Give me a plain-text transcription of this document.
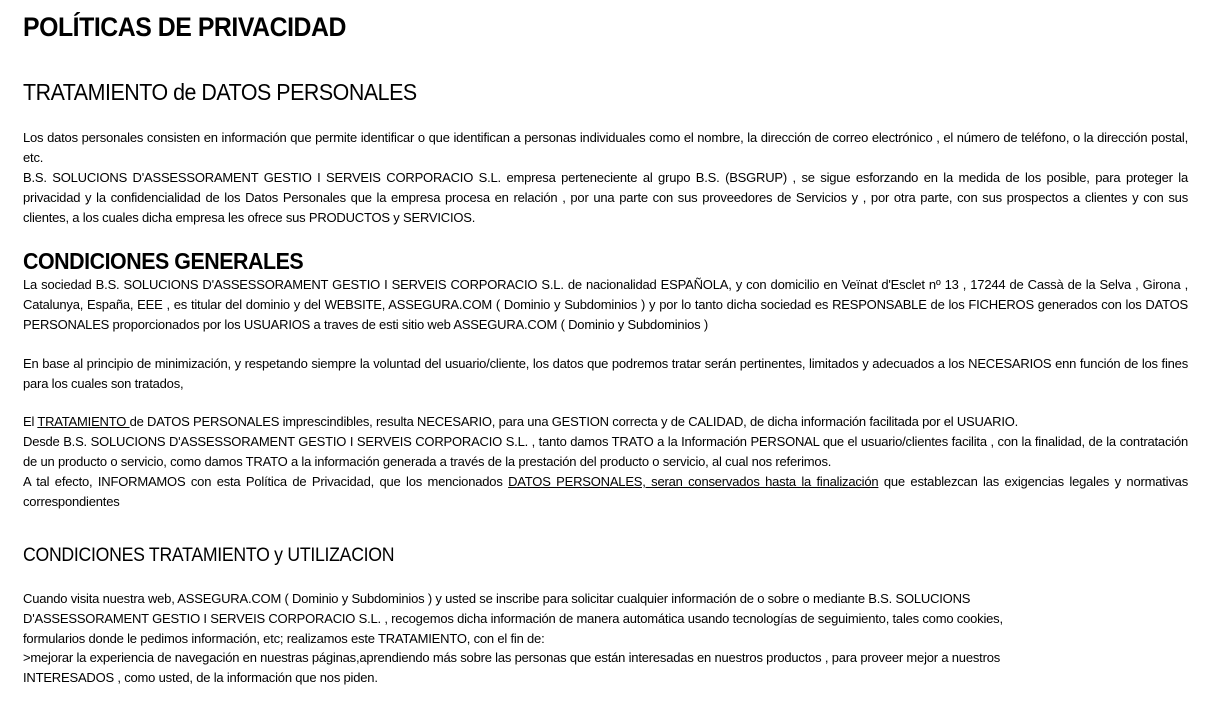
POLÍTICAS DE PRIVACIDAD
TRATAMIENTO de DATOS PERSONALES

Los datos personales consisten en información que permite identificar o que identifican a personas individuales como el nombre, la dirección de correo electrónico , el número de teléfono, o la dirección postal, etc.

B.S. SOLUCIONS D'ASSESSORAMENT GESTIO I SERVEIS CORPORACIO S.L. empresa perteneciente al grupo B.S. (BSGRUP) , se sigue esforzando en la medida de los posible, para proteger la privacidad y la confidencialidad de los Datos Personales que la empresa procesa en relación , por una parte con sus proveedores de Servicios y , por otra parte, con sus prospectos a clientes y con sus clientes, a los cuales dicha empresa les ofrece sus PRODUCTOS y SERVICIOS.

CONDICIONES GENERALES

La sociedad B.S. SOLUCIONS D'ASSESSORAMENT GESTIO I SERVEIS CORPORACIO S.L. de nacionalidad ESPAÑOLA, y con domicilio en Veïnat d'Esclet nº 13 , 17244 de Cassà de la Selva , Girona , Catalunya, España, EEE , es titular del dominio y del WEBSITE, ASSEGURA.COM ( Dominio y Subdominios ) y por lo tanto dicha sociedad es RESPONSABLE de los FICHEROS generados con los DATOS PERSONALES proporcionados por los USUARIOS a traves de esti sitio web ASSEGURA.COM ( Dominio y Subdominios )

En base al principio de minimización, y respetando siempre la voluntad del usuario/cliente, los datos que podremos tratar serán pertinentes, limitados y adecuados a los NECESARIOS enn función de los fines para los cuales son tratados,

El TRATAMIENTO de DATOS PERSONALES imprescindibles, resulta NECESARIO, para una GESTION correcta y de CALIDAD, de dicha información facilitada por el USUARIO.

Desde B.S. SOLUCIONS D'ASSESSORAMENT GESTIO I SERVEIS CORPORACIO S.L. , tanto damos TRATO a la Información PERSONAL que el usuario/clientes facilita , con la finalidad, de la contratación de un producto o servicio, como damos TRATO a la información generada a través de la prestación del producto o servicio, al cual nos referimos.

A tal efecto, INFORMAMOS con esta Política de Privacidad, que los mencionados DATOS PERSONALES, seran conservados hasta la finalización que establezcan las exigencias legales y normativas correspondientes

CONDICIONES TRATAMIENTO y UTILIZACION

Cuando visita nuestra web, ASSEGURA.COM ( Dominio y Subdominios ) y usted se inscribe para solicitar cualquier información de o sobre o mediante B.S. SOLUCIONS
D'ASSESSORAMENT GESTIO I SERVEIS CORPORACIO S.L. , recogemos dicha información de manera automática usando tecnologías de seguimiento, tales como cookies,
formularios donde le pedimos información, etc; realizamos este TRATAMIENTO, con el fin de:
>mejorar la experiencia de navegación en nuestras páginas,aprendiendo más sobre las personas que están interesadas en nuestros productos , para proveer mejor a nuestros
INTERESADOS , como usted, de la información que nos piden.
